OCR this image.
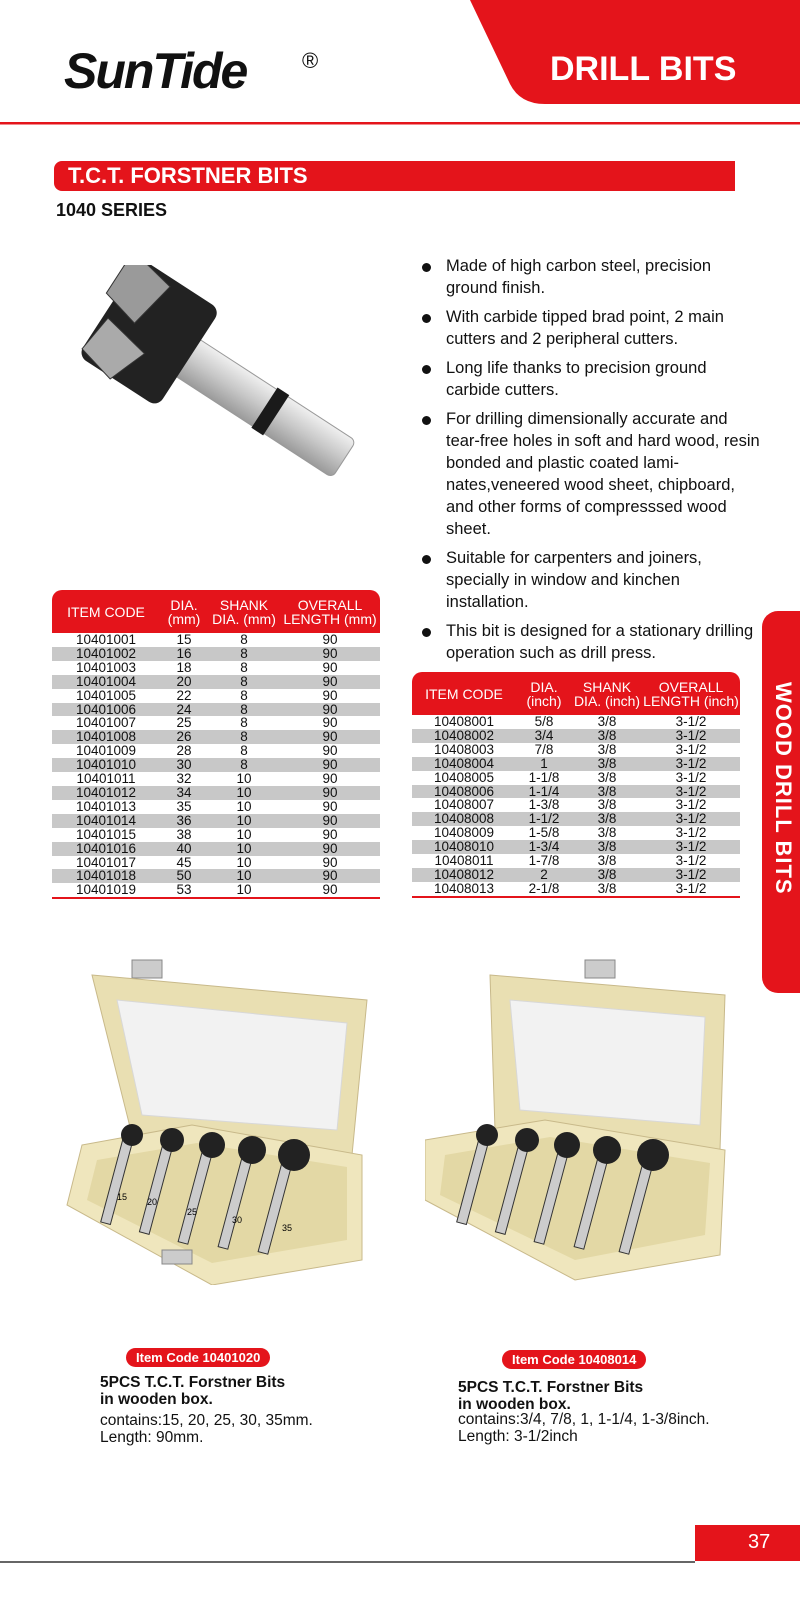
SunTide	®	DRILL BITS
T.C.T. FORSTNER BITS
1040 SERIES
Made of high carbon steel, precision ground finish.
With carbide tipped brad point, 2 main cutters and 2 peripheral cutters.
Long life thanks to precision ground carbide cutters.
For drilling dimensionally accurate and tear-free holes in soft and hard wood, resin bonded and plastic coated lami-nates,veneered wood sheet, chipboard, and other forms of compresssed wood sheet.
Suitable for carpenters and joiners, specially in window and kinchen installation.
This bit is designed for a stationary drilling operation such as drill press.
ITEM CODE	DIA. (mm)	SHANK DIA. (mm)	OVERALL LENGTH (mm)
10401001	15	8	90
10401002	16	8	90
10401003	18	8	90
10401004	20	8	90
10401005	22	8	90
10401006	24	8	90
10401007	25	8	90
10401008	26	8	90
10401009	28	8	90
10401010	30	8	90
10401011	32	10	90
10401012	34	10	90
10401013	35	10	90
10401014	36	10	90
10401015	38	10	90
10401016	40	10	90
10401017	45	10	90
10401018	50	10	90
10401019	53	10	90
ITEM CODE	DIA. (inch)	SHANK DIA. (inch)	OVERALL LENGTH (inch)
10408001	5/8	3/8	3-1/2
10408002	3/4	3/8	3-1/2
10408003	7/8	3/8	3-1/2
10408004	1	3/8	3-1/2
10408005	1-1/8	3/8	3-1/2
10408006	1-1/4	3/8	3-1/2
10408007	1-3/8	3/8	3-1/2
10408008	1-1/2	3/8	3-1/2
10408009	1-5/8	3/8	3-1/2
10408010	1-3/4	3/8	3-1/2
10408011	1-7/8	3/8	3-1/2
10408012	2	3/8	3-1/2
10408013	2-1/8	3/8	3-1/2	WOOD DRILL BITS
15 20
25
30
35
Item Code 10401020
5PCS T.C.T. Forstner Bits
in wooden box.
contains:15, 20, 25, 30, 35mm.
Length: 90mm.
Item Code 10408014
5PCS T.C.T. Forstner Bits
in wooden box.
contains:3/4, 7/8, 1, 1-1/4, 1-3/8inch.
Length: 3-1/2inch
37
